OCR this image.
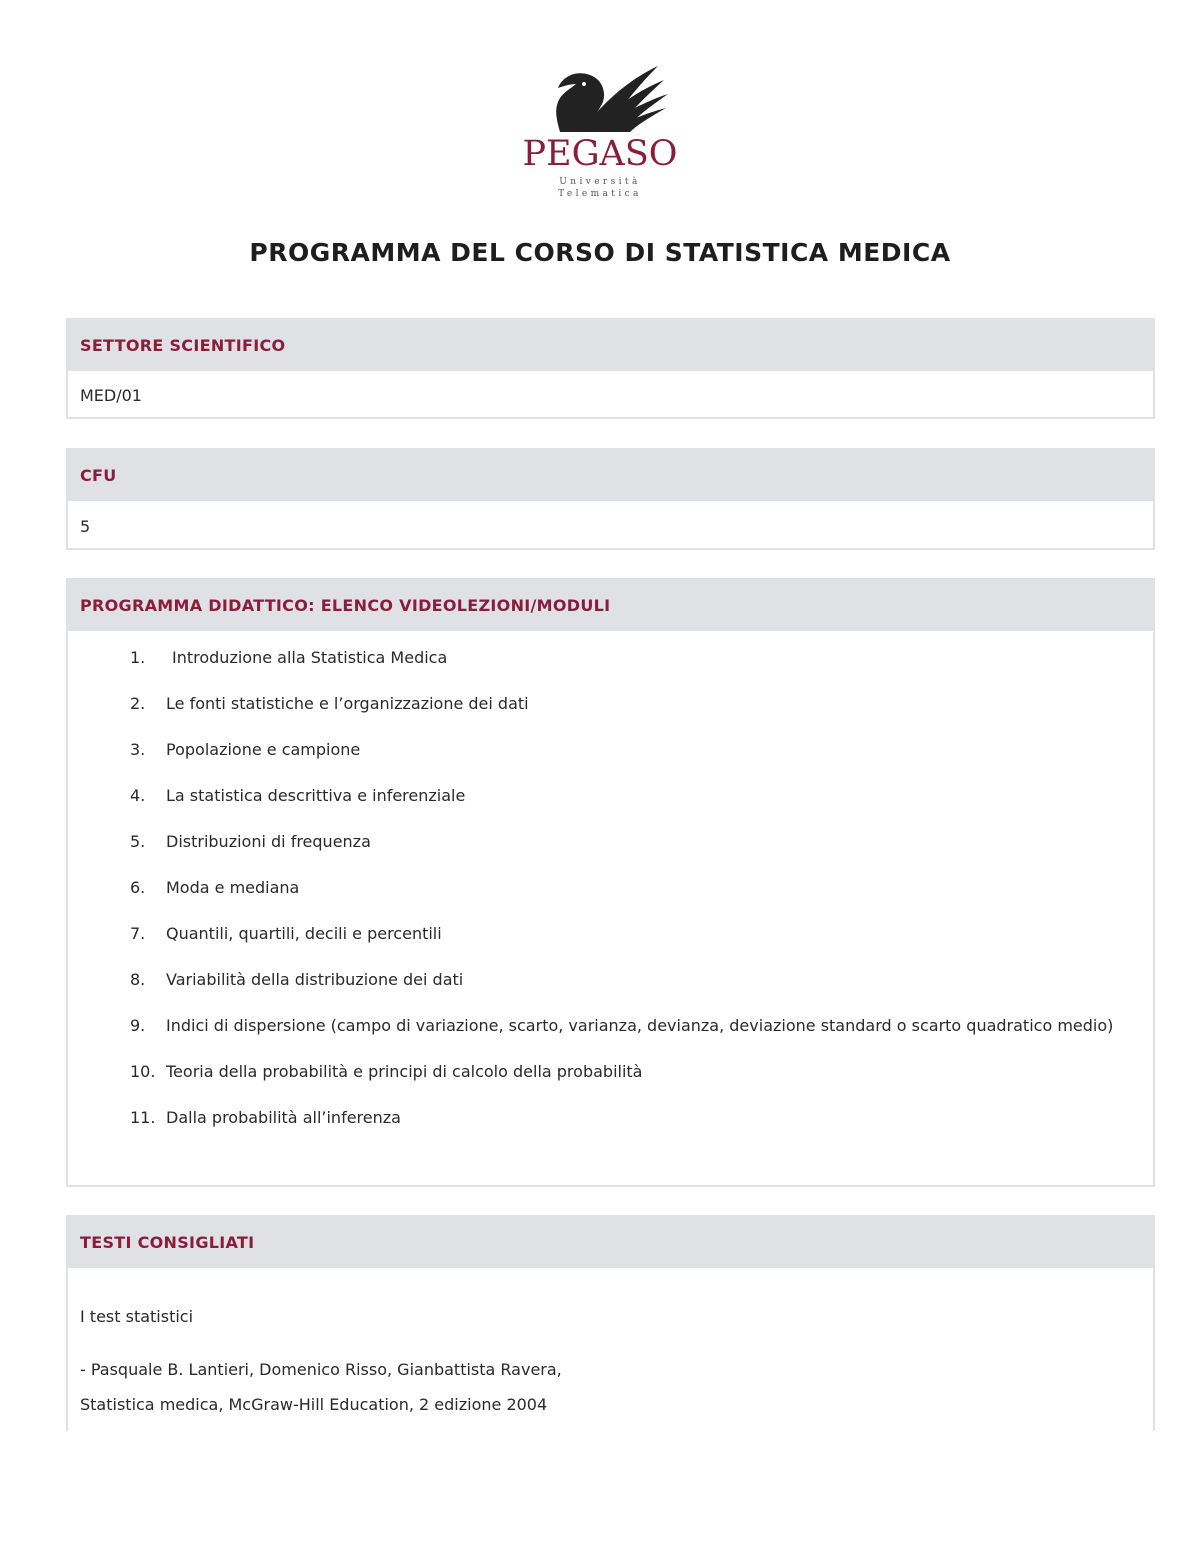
PEGASO
Università Telematica
PROGRAMMA DEL CORSO DI STATISTICA MEDICA
SETTORE SCIENTIFICO
MED/01
CFU
5
PROGRAMMA DIDATTICO: ELENCO VIDEOLEZIONI/MODULI
1. Introduzione alla Statistica Medica
2. Le fonti statistiche e l’organizzazione dei dati
3. Popolazione e campione
4. La statistica descrittiva e inferenziale
5. Distribuzioni di frequenza
6. Moda e mediana
7. Quantili, quartili, decili e percentili
8. Variabilità della distribuzione dei dati
9. Indici di dispersione (campo di variazione, scarto, varianza, devianza, deviazione standard o scarto quadratico medio)
10. Teoria della probabilità e principi di calcolo della probabilità
11. Dalla probabilità all’inferenza
TESTI CONSIGLIATI
I test statistici
- Pasquale B. Lantieri, Domenico Risso, Gianbattista Ravera,
Statistica medica, McGraw-Hill Education, 2 edizione 2004
